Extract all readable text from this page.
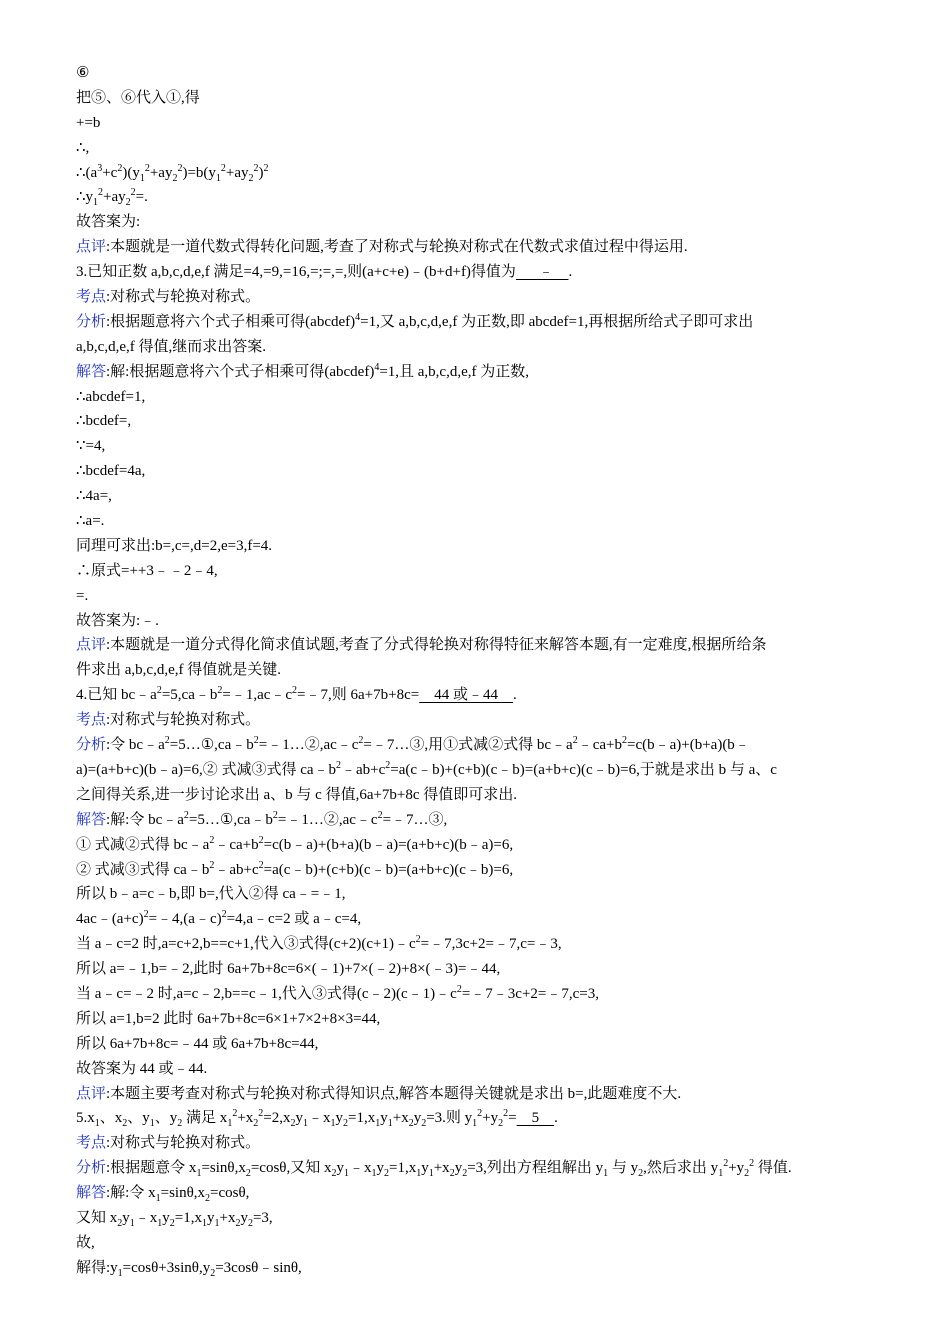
⑥
把⑤、⑥代入①,得
+=b
∴,
$\therefore(a^3+c^2)(y_1^2+ay_2^2)=b(y_1^2+ay_2^2)^2$
$\therefore y_1^2+ay_2^2=$.
故答案为:
点评:本题就是一道代数式得转化问题,考查了对称式与轮换对称式在代数式求值过程中得运用.
3.已知正数 a,b,c,d,e,f 满足=4,=9,=16,=;=,=,则(a+c+e)﹣(b+d+f)得值为      ﹣    .
考点:对称式与轮换对称式。
分析:根据题意将六个式子相乘可得(abcdef)$^4$=1,又 a,b,c,d,e,f 为正数,即 abcdef=1,再根据所给式子即可求出
a,b,c,d,e,f 得值,继而求出答案.
解答:解:根据题意将六个式子相乘可得(abcdef)$^4$=1,且 a,b,c,d,e,f 为正数,
∴abcdef=1,
∴bcdef=,
∵=4,
∴bcdef=4a,
∴4a=,
∴a=.
同理可求出:b=,c=,d=2,e=3,f=4.
∴原式=++3﹣﹣2﹣4,
=.
故答案为:﹣.
点评:本题就是一道分式得化简求值试题,考查了分式得轮换对称得特征来解答本题,有一定难度,根据所给条
件求出 a,b,c,d,e,f 得值就是关键.
4.已知 $bc﹣a^2=5,ca﹣b^2=﹣1,ac﹣c^2=﹣7$,则 6a+7b+8c=    44 或﹣44    .
考点:对称式与轮换对称式。
分析:令 $bc﹣a^2=5\dots ①,ca﹣b^2=﹣1\dots ②,ac﹣c^2=﹣7\dots ③$,用①式减②式得 $bc﹣a^2﹣ca+b^2=c(b﹣a)+(b+a)(b﹣$
a)=(a+b+c)(b﹣a)=6,② 式减③式得 $ca﹣b^2﹣ab+c^2=a(c﹣b)+(c+b)(c﹣b)=(a+b+c)(c﹣b)=6$,于就是求出 b 与 a、c
之间得关系,进一步讨论求出 a、b 与 c 得值,6a+7b+8c 得值即可求出.
解答:解:令 $bc﹣a^2=5\dots ①,ca﹣b^2=﹣1\dots ②,ac﹣c^2=﹣7\dots ③$,
① 式减②式得 $bc﹣a^2﹣ca+b^2=c(b﹣a)+(b+a)(b﹣a)=(a+b+c)(b﹣a)=6$,
② 式减③式得 $ca﹣b^2﹣ab+c^2=a(c﹣b)+(c+b)(c﹣b)=(a+b+c)(c﹣b)=6$,
所以 b﹣a=c﹣b,即 b=,代入②得 ca﹣=﹣1,
$4ac﹣(a+c)^2=﹣4,(a﹣c)^2=4,a﹣c=2$ 或 a﹣c=4,
当 a﹣c=2 时,a=c+2,b==c+1,代入③式得$(c+2)(c+1)﹣c^2=﹣7,3c+2=﹣7,c=﹣3$,
所以 a=﹣1,b=﹣2,此时 6a+7b+8c=6×(﹣1)+7×(﹣2)+8×(﹣3)=﹣44,
当 a﹣c=﹣2 时,a=c﹣2,b==c﹣1,代入③式得$(c﹣2)(c﹣1)﹣c^2=﹣7﹣3c+2=﹣7,c=3$,
所以 a=1,b=2 此时 6a+7b+8c=6×1+7×2+8×3=44,
所以 6a+7b+8c=﹣44 或 6a+7b+8c=44,
故答案为 44 或﹣44.
点评:本题主要考查对称式与轮换对称式得知识点,解答本题得关键就是求出 b=,此题难度不大.
$5.x_1$、$x_2$、$y_1$、$y_2$ 满足 $x_1^2+x_2^2=2,x_2y_1﹣x_1y_2=1,x_1y_1+x_2y_2=3$.则 $y_1^2+y_2^2=$    5    .
考点:对称式与轮换对称式。
分析:根据题意令 $x_1=\sin\theta,x_2=\cos\theta$,又知 $x_2y_1﹣x_1y_2=1,x_1y_1+x_2y_2=3$,列出方程组解出 $y_1$ 与 $y_2$,然后求出 $y_1^2+y_2^2$ 得值.
解答:解:令 $x_1=\sin\theta,x_2=\cos\theta$,
又知 $x_2y_1﹣x_1y_2=1,x_1y_1+x_2y_2=3$,
故,
解得$:y_1=\cos\theta+3\sin\theta,y_2=3\cos\theta﹣\sin\theta$,
